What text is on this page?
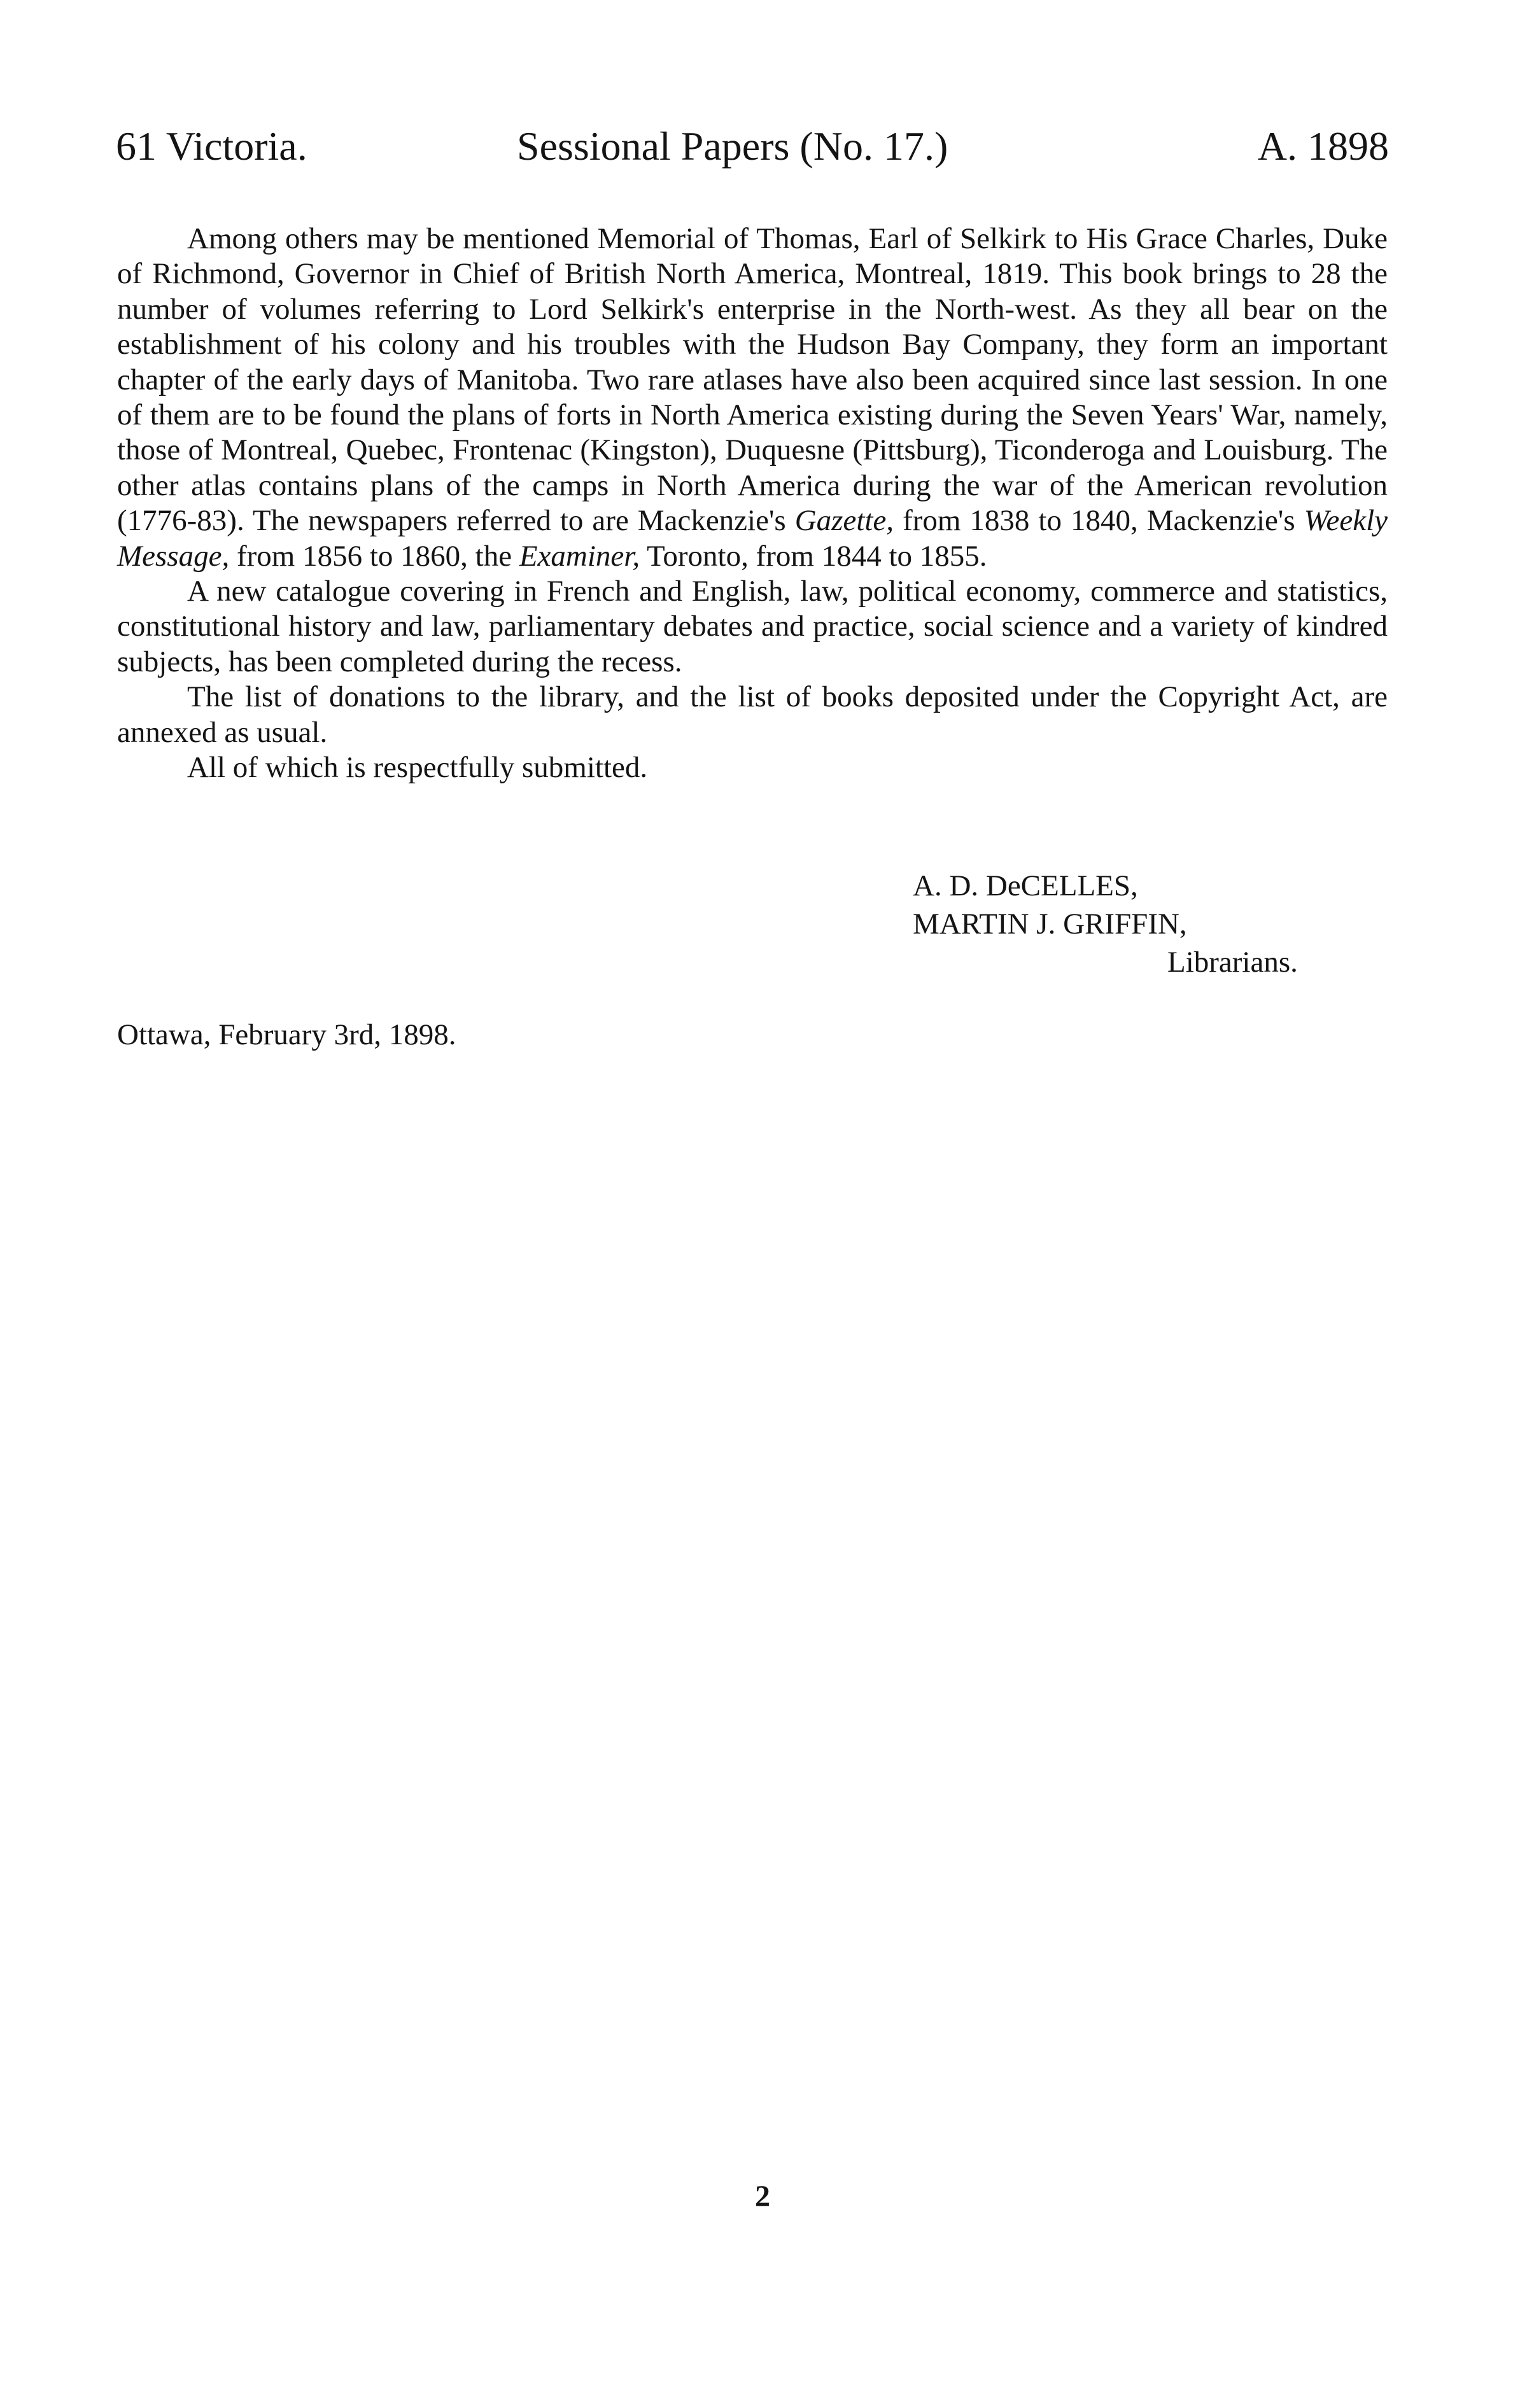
61 Victoria.	Sessional Papers (No. 17.)	A. 1898

Among others may be mentioned Memorial of Thomas, Earl of Selkirk to His Grace Charles, Duke of Richmond, Governor in Chief of British North America, Montreal, 1819. This book brings to 28 the number of volumes referring to Lord Selkirk's enterprise in the North-west. As they all bear on the establishment of his colony and his troubles with the Hudson Bay Company, they form an important chapter of the early days of Manitoba. Two rare atlases have also been acquired since last session. In one of them are to be found the plans of forts in North America existing during the Seven Years' War, namely, those of Montreal, Quebec, Frontenac (Kingston), Duquesne (Pittsburg), Ticonderoga and Louisburg. The other atlas contains plans of the camps in North America during the war of the American revolution (1776-83). The newspapers referred to are Mackenzie's Gazette, from 1838 to 1840, Mackenzie's Weekly Message, from 1856 to 1860, the Examiner, Toronto, from 1844 to 1855.

A new catalogue covering in French and English, law, political economy, commerce and statistics, constitutional history and law, parliamentary debates and practice, social science and a variety of kindred subjects, has been completed during the recess.

The list of donations to the library, and the list of books deposited under the Copyright Act, are annexed as usual.

All of which is respectfully submitted.

A. D. DeCELLES,
MARTIN J. GRIFFIN,
Librarians.
Ottawa, February 3rd, 1898.
2
